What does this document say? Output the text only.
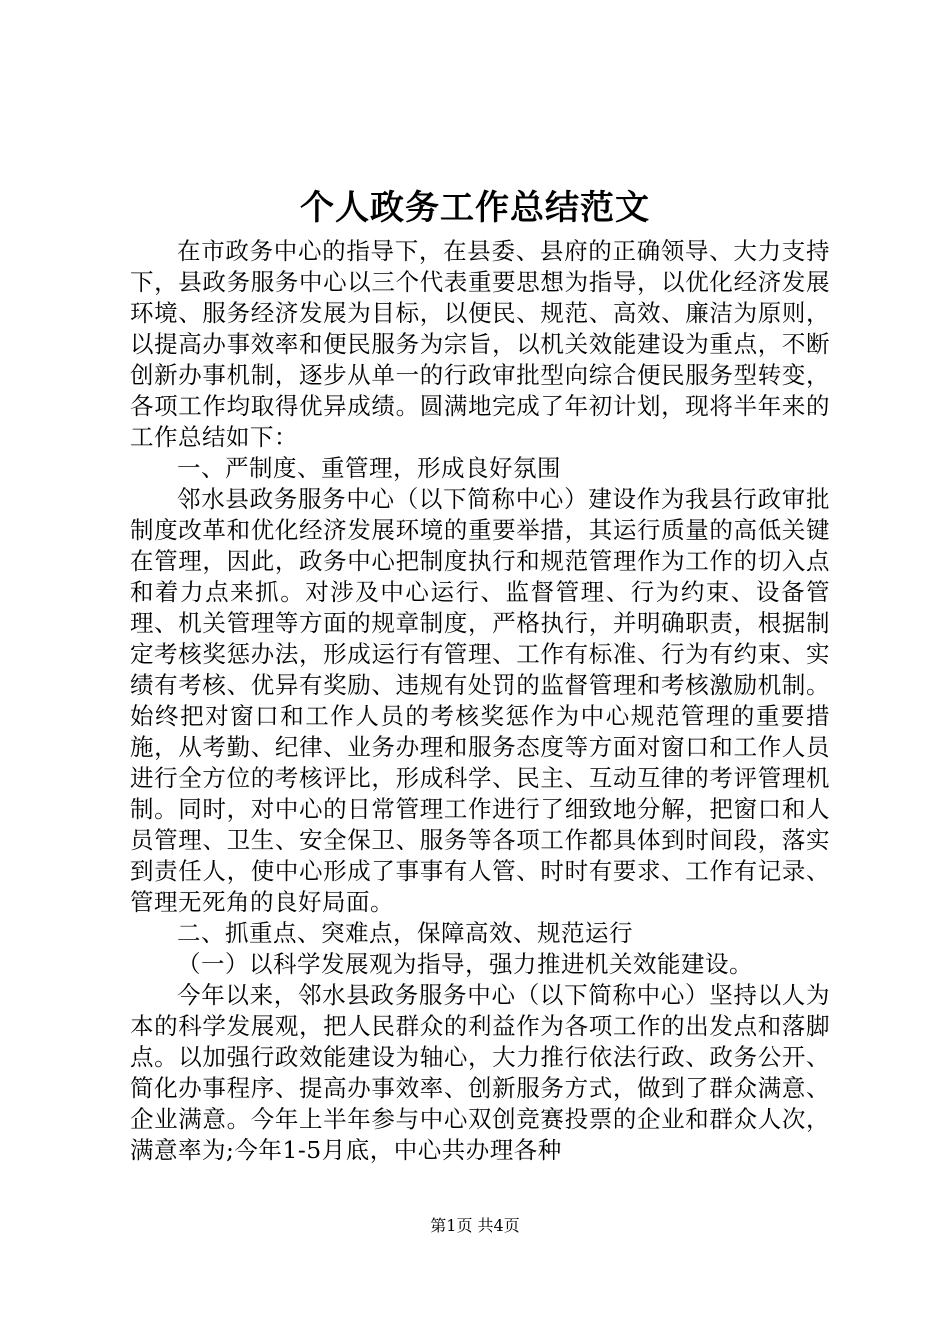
个人政务工作总结范文

在市政务中心的指导下，在县委、县府的正确领导、大力支持下，县政务服务中心以三个代表重要思想为指导，以优化经济发展环境、服务经济发展为目标，以便民、规范、高效、廉洁为原则，以提高办事效率和便民服务为宗旨，以机关效能建设为重点，不断创新办事机制，逐步从单一的行政审批型向综合便民服务型转变，各项工作均取得优异成绩。圆满地完成了年初计划，现将半年来的工作总结如下：

一、严制度、重管理，形成良好氛围

邻水县政务服务中心（以下简称中心）建设作为我县行政审批制度改革和优化经济发展环境的重要举措，其运行质量的高低关键在管理，因此，政务中心把制度执行和规范管理作为工作的切入点和着力点来抓。对涉及中心运行、监督管理、行为约束、设备管理、机关管理等方面的规章制度，严格执行，并明确职责，根据制定考核奖惩办法，形成运行有管理、工作有标准、行为有约束、实绩有考核、优异有奖励、违规有处罚的监督管理和考核激励机制。始终把对窗口和工作人员的考核奖惩作为中心规范管理的重要措施，从考勤、纪律、业务办理和服务态度等方面对窗口和工作人员进行全方位的考核评比，形成科学、民主、互动互律的考评管理机制。同时，对中心的日常管理工作进行了细致地分解，把窗口和人员管理、卫生、安全保卫、服务等各项工作都具体到时间段，落实到责任人，使中心形成了事事有人管、时时有要求、工作有记录、管理无死角的良好局面。

二、抓重点、突难点，保障高效、规范运行

（一）以科学发展观为指导，强力推进机关效能建设。

今年以来，邻水县政务服务中心（以下简称中心）坚持以人为本的科学发展观，把人民群众的利益作为各项工作的出发点和落脚点。以加强行政效能建设为轴心，大力推行依法行政、政务公开、简化办事程序、提高办事效率、创新服务方式，做到了群众满意、企业满意。今年上半年参与中心双创竞赛投票的企业和群众人次，满意率为;今年1-5月底，中心共办理各种

第1页 共4页
